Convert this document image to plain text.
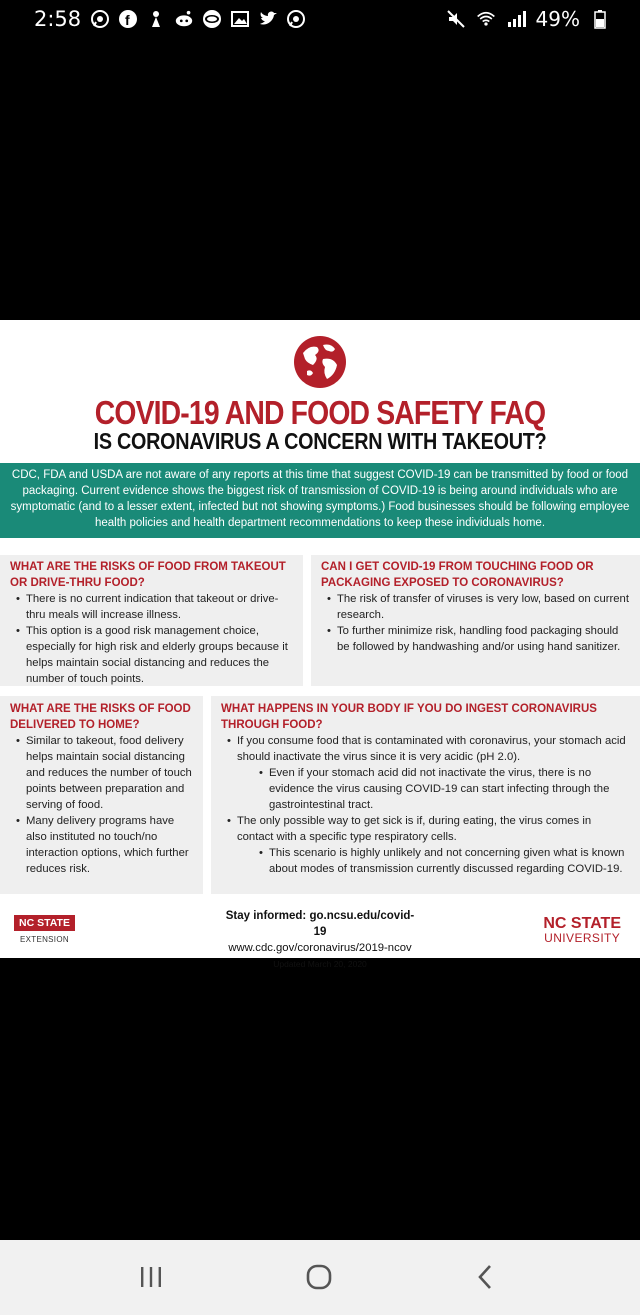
2:58	f	49%
COVID-19 AND FOOD SAFETY FAQ
IS CORONAVIRUS A CONCERN WITH TAKEOUT?
CDC, FDA and USDA are not aware of any reports at this time that suggest COVID-19 can be transmitted by food or food packaging. Current evidence shows the biggest risk of transmission of COVID-19 is being around individuals who are symptomatic (and to a lesser extent, infected but not showing symptoms.) Food businesses should be following employee health policies and health department recommendations to keep these individuals home.
WHAT ARE THE RISKS OF FOOD FROM TAKEOUT OR DRIVE-THRU FOOD?
• There is no current indication that takeout or drive-thru meals will increase illness.
• This option is a good risk management choice, especially for high risk and elderly groups because it helps maintain social distancing and reduces the number of touch points.
CAN I GET COVID-19 FROM TOUCHING FOOD OR PACKAGING EXPOSED TO CORONAVIRUS?
• The risk of transfer of viruses is very low, based on current research.
• To further minimize risk, handling food packaging should be followed by handwashing and/or using hand sanitizer.
WHAT ARE THE RISKS OF FOOD DELIVERED TO HOME?
• Similar to takeout, food delivery helps maintain social distancing and reduces the number of touch points between preparation and serving of food.
• Many delivery programs have also instituted no touch/no interaction options, which further reduces risk.
WHAT HAPPENS IN YOUR BODY IF YOU DO INGEST CORONAVIRUS THROUGH FOOD?
• If you consume food that is contaminated with coronavirus, your stomach acid should inactivate the virus since it is very acidic (pH 2.0).
• Even if your stomach acid did not inactivate the virus, there is no evidence the virus causing COVID-19 can start infecting through the gastrointestinal tract.
• The only possible way to get sick is if, during eating, the virus comes in contact with a specific type respiratory cells.
• This scenario is highly unlikely and not concerning given what is known about modes of transmission currently discussed regarding COVID-19.
NC STATE
EXTENSION
Stay informed: go.ncsu.edu/covid-19
www.cdc.gov/coronavirus/2019-ncov
Updated March 20, 2020
NC STATE
UNIVERSITY
